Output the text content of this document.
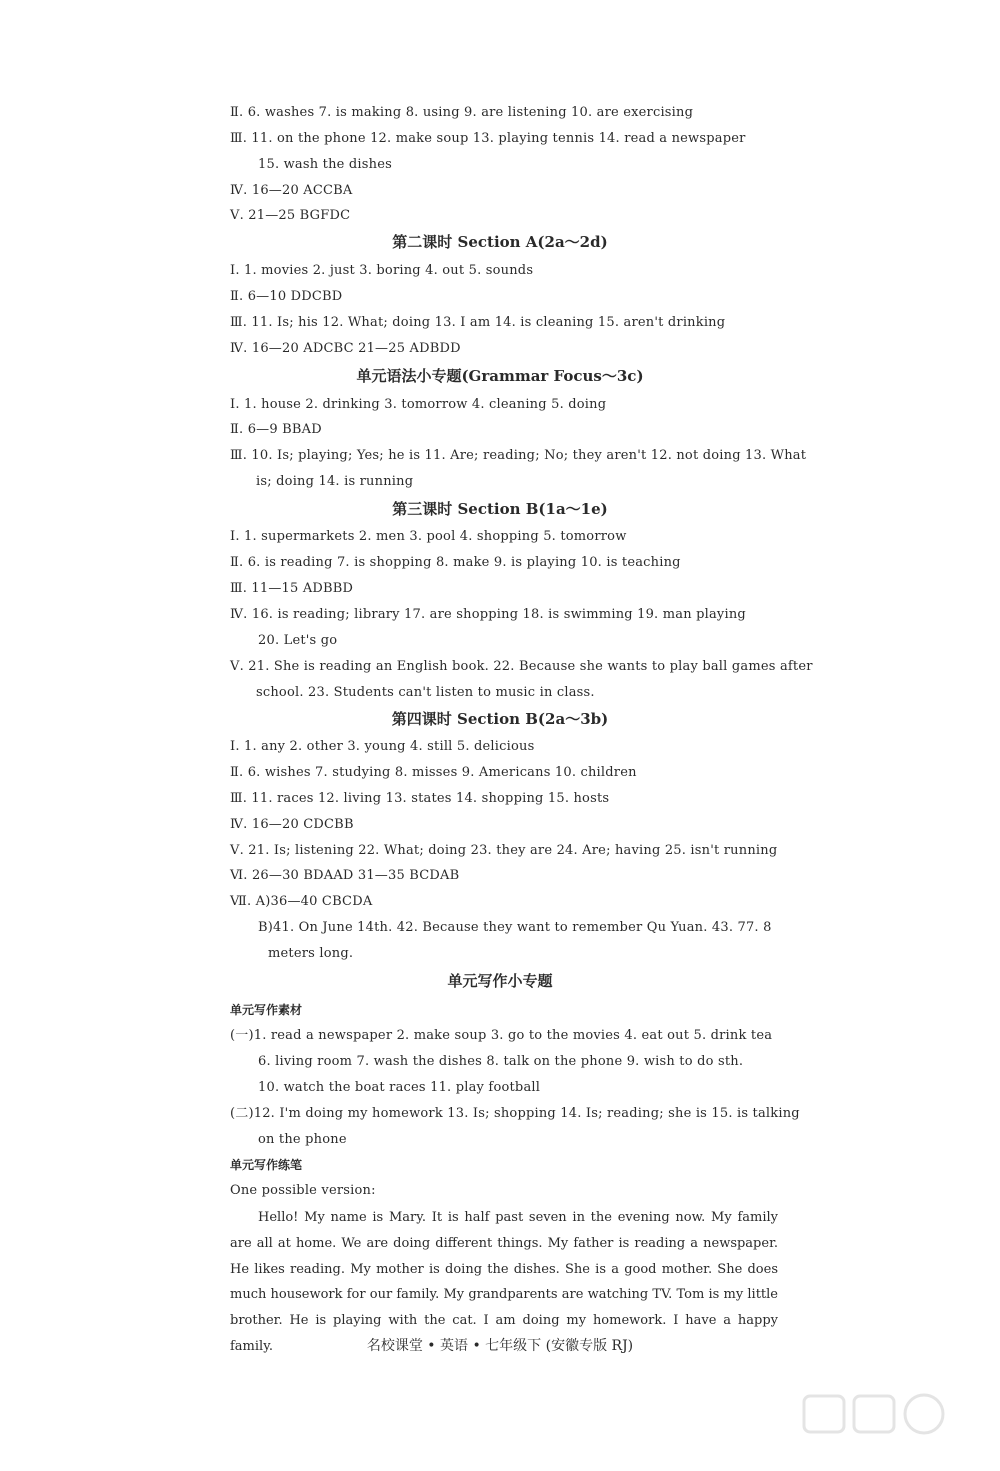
Ⅱ. 6. washes 7. is making 8. using 9. are listening 10. are exercising
Ⅲ. 11. on the phone 12. make soup 13. playing tennis 14. read a newspaper
15. wash the dishes
Ⅳ. 16—20 ACCBA
Ⅴ. 21—25 BGFDC
第二课时 Section A(2a～2d)
Ⅰ. 1. movies 2. just 3. boring 4. out 5. sounds
Ⅱ. 6—10 DDCBD
Ⅲ. 11. Is; his 12. What; doing 13. I am 14. is cleaning 15. aren't drinking
Ⅳ. 16—20 ADCBC 21—25 ADBDD
单元语法小专题(Grammar Focus～3c)
Ⅰ. 1. house 2. drinking 3. tomorrow 4. cleaning 5. doing
Ⅱ. 6—9 BBAD
Ⅲ. 10. Is; playing; Yes; he is 11. Are; reading; No; they aren't 12. not doing 13. What
is; doing 14. is running
第三课时 Section B(1a～1e)
Ⅰ. 1. supermarkets 2. men 3. pool 4. shopping 5. tomorrow
Ⅱ. 6. is reading 7. is shopping 8. make 9. is playing 10. is teaching
Ⅲ. 11—15 ADBBD
Ⅳ. 16. is reading; library 17. are shopping 18. is swimming 19. man playing
20. Let's go
Ⅴ. 21. She is reading an English book. 22. Because she wants to play ball games after
school. 23. Students can't listen to music in class.
第四课时 Section B(2a～3b)
Ⅰ. 1. any 2. other 3. young 4. still 5. delicious
Ⅱ. 6. wishes 7. studying 8. misses 9. Americans 10. children
Ⅲ. 11. races 12. living 13. states 14. shopping 15. hosts
Ⅳ. 16—20 CDCBB
Ⅴ. 21. Is; listening 22. What; doing 23. they are 24. Are; having 25. isn't running
Ⅵ. 26—30 BDAAD 31—35 BCDAB
Ⅶ. A)36—40 CBCDA
B)41. On June 14th. 42. Because they want to remember Qu Yuan. 43. 77. 8
meters long.
单元写作小专题
单元写作素材
(一)1. read a newspaper 2. make soup 3. go to the movies 4. eat out 5. drink tea
6. living room 7. wash the dishes 8. talk on the phone 9. wish to do sth.
10. watch the boat races 11. play football
(二)12. I'm doing my homework 13. Is; shopping 14. Is; reading; she is 15. is talking
on the phone
单元写作练笔
One possible version:

Hello! My name is Mary. It is half past seven in the evening now. My family are all at home. We are doing different things. My father is reading a newspaper. He likes reading. My mother is doing the dishes. She is a good mother. She does much housework for our family. My grandparents are watching TV. Tom is my little brother. He is playing with the cat. I am doing my homework. I have a happy family.	名校课堂 • 英语 • 七年级下 (安徽专版 RJ)
